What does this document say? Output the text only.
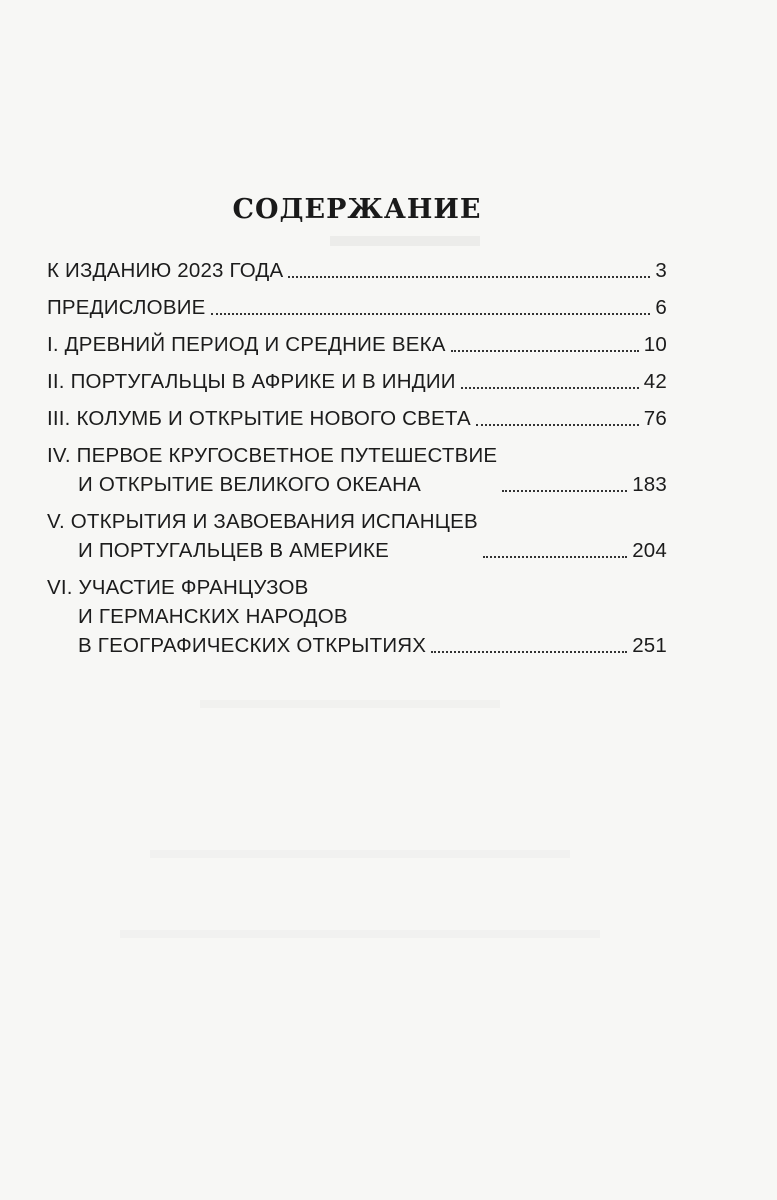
СОДЕРЖАНИЕ
К ИЗДАНИЮ 2023 ГОДА	3
ПРЕДИСЛОВИЕ	6
I. ДРЕВНИЙ ПЕРИОД И СРЕДНИЕ ВЕКА	10
II. ПОРТУГАЛЬЦЫ В АФРИКЕ И В ИНДИИ	42
III. КОЛУМБ И ОТКРЫТИЕ НОВОГО СВЕТА	76
IV. ПЕРВОЕ КРУГОСВЕТНОЕ ПУТЕШЕСТВИЕ
И ОТКРЫТИЕ ВЕЛИКОГО ОКЕАНА	183
V. ОТКРЫТИЯ И ЗАВОЕВАНИЯ ИСПАНЦЕВ
И ПОРТУГАЛЬЦЕВ В АМЕРИКЕ	204
VI. УЧАСТИЕ ФРАНЦУЗОВ
И ГЕРМАНСКИХ НАРОДОВ
В ГЕОГРАФИЧЕСКИХ ОТКРЫТИЯХ	251
